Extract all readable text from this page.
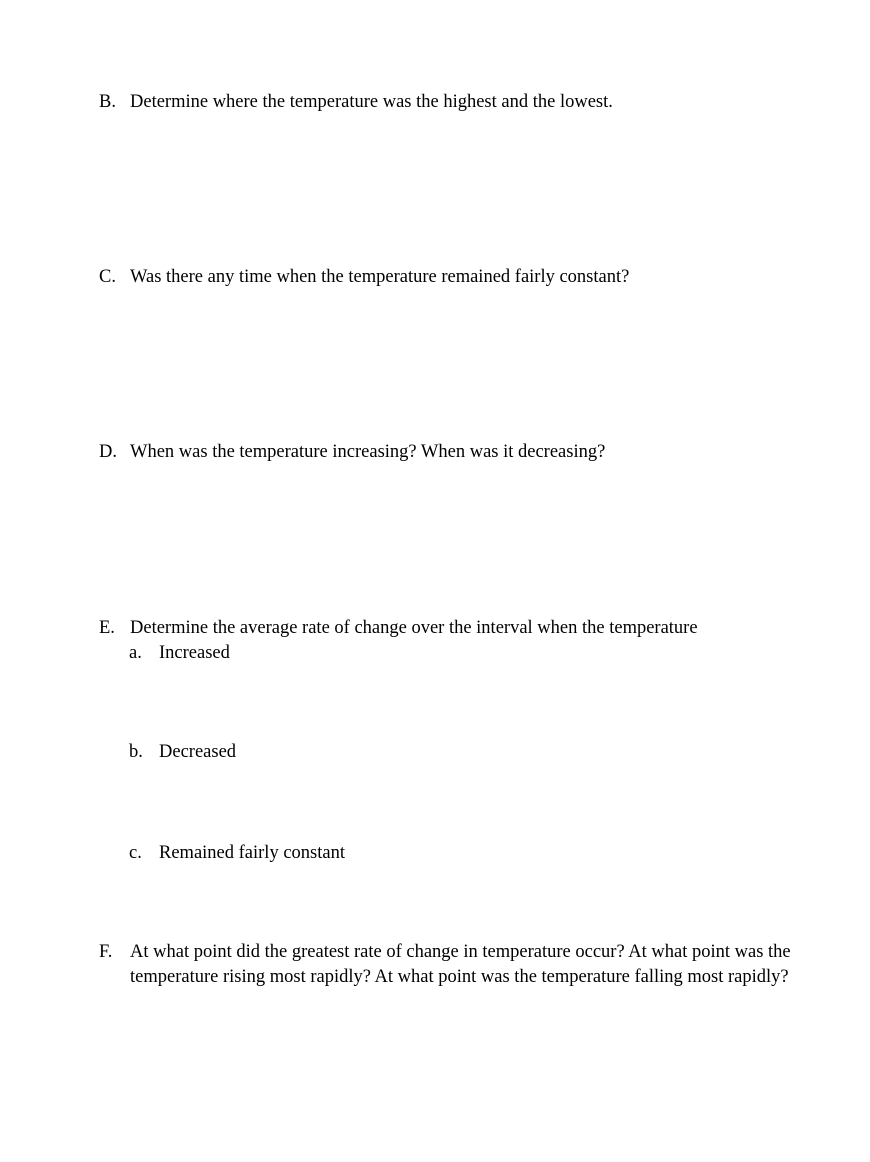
B. Determine where the temperature was the highest and the lowest.
C. Was there any time when the temperature remained fairly constant?
D. When was the temperature increasing? When was it decreasing?
E. Determine the average rate of change over the interval when the temperature
a. Increased
b. Decreased
c. Remained fairly constant
F. At what point did the greatest rate of change in temperature occur? At what point was the temperature rising most rapidly? At what point was the temperature falling most rapidly?
